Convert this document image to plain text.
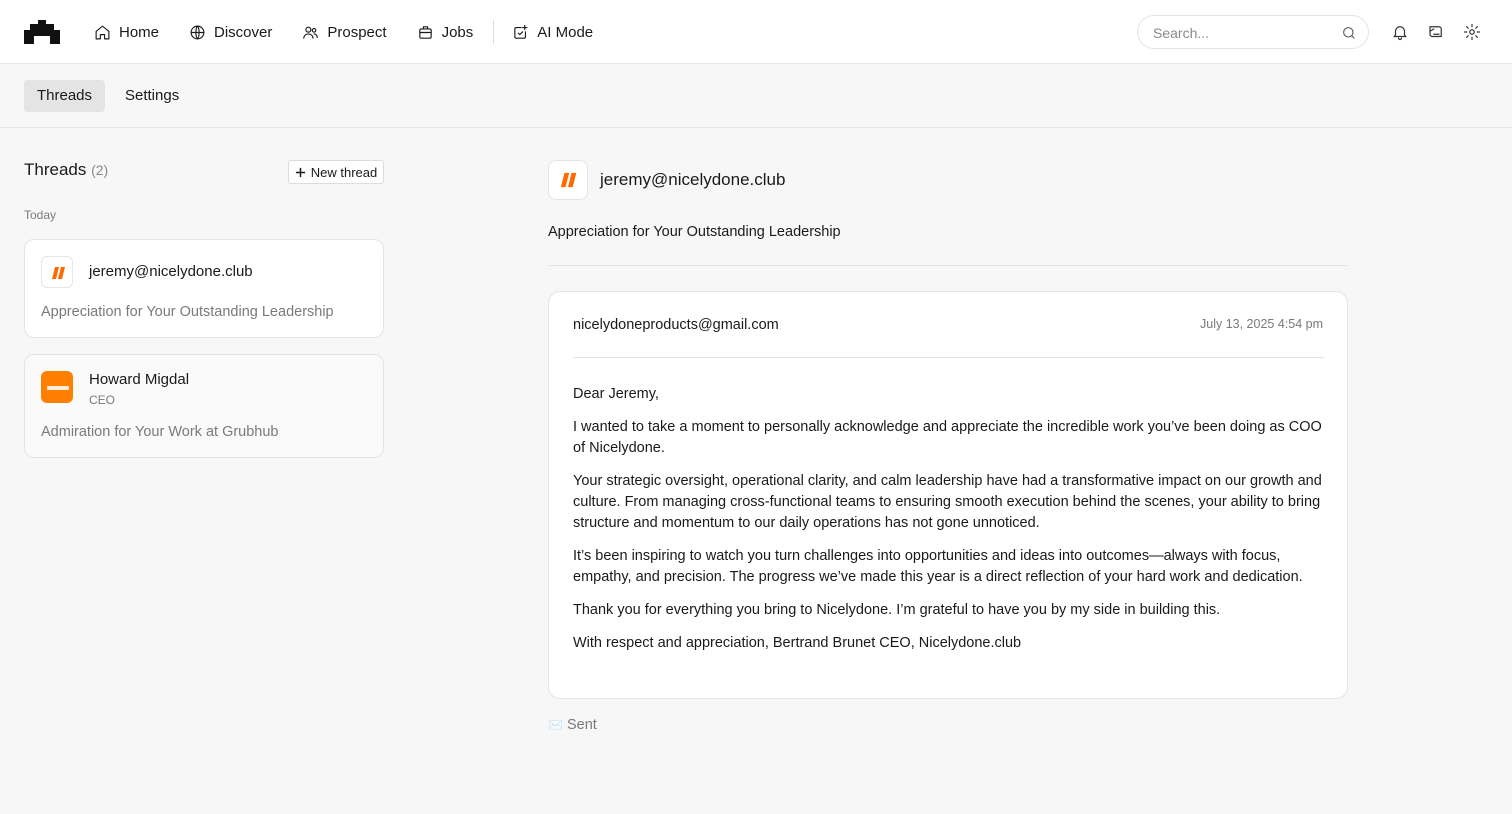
Home	Discover	Prospect	Jobs	AI Mode
Search...
Threads	Settings
Threads (2)	New thread
Today
jeremy@nicelydone.club
Appreciation for Your Outstanding Leadership
Howard Migdal
CEO
Admiration for Your Work at Grubhub
jeremy@nicelydone.club
Appreciation for Your Outstanding Leadership
nicelydoneproducts@gmail.com	July 13, 2025 4:54 pm

Dear Jeremy,

I wanted to take a moment to personally acknowledge and appreciate the incredible work you’ve been doing as COO of Nicelydone.

Your strategic oversight, operational clarity, and calm leadership have had a transformative impact on our growth and culture. From managing cross-functional teams to ensuring smooth execution behind the scenes, your ability to bring structure and momentum to our daily operations has not gone unnoticed.

It’s been inspiring to watch you turn challenges into opportunities and ideas into outcomes—always with focus, empathy, and precision. The progress we’ve made this year is a direct reflection of your hard work and dedication.

Thank you for everything you bring to Nicelydone. I’m grateful to have you by my side in building this.

With respect and appreciation, Bertrand Brunet CEO, Nicelydone.club

✉️ Sent
